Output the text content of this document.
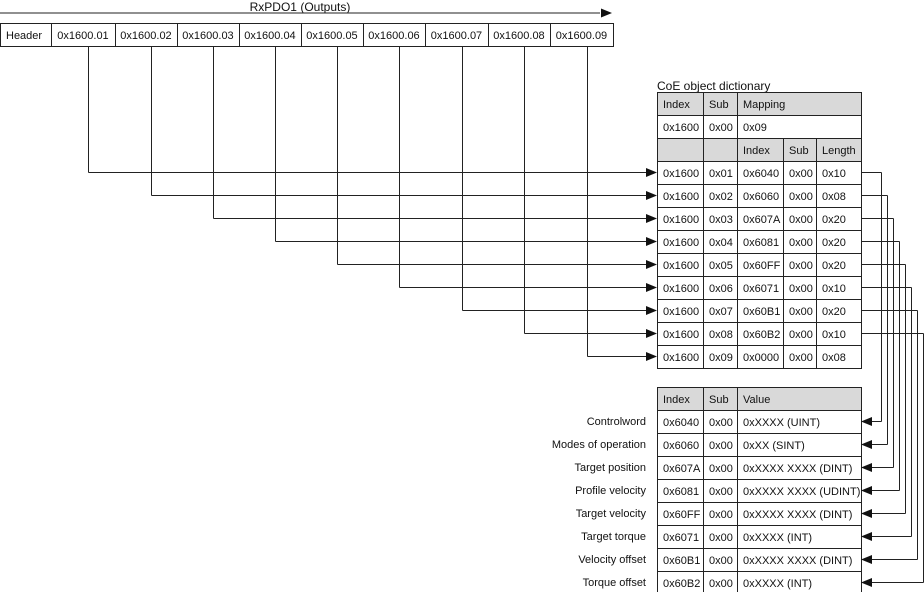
RxPDO1 (Outputs)
Header 0x1600.01 0x1600.02 0x1600.03 0x1600.04 0x1600.05 0x1600.06 0x1600.07 0x1600.08 0x1600.09
CoE object dictionary
Index Sub Mapping
0x1600 0x00 0x09
Index Sub Length
0x1600 0x01 0x6040 0x00 0x10
0x1600 0x02 0x6060 0x00 0x08
0x1600 0x03 0x607A 0x00 0x20
0x1600 0x04 0x6081 0x00 0x20
0x1600 0x05 0x60FF 0x00 0x20
0x1600 0x06 0x6071 0x00 0x10
0x1600 0x07 0x60B1 0x00 0x20
0x1600 0x08 0x60B2 0x00 0x10
0x1600 0x09 0x0000 0x00 0x08
Index Sub Value
0x6040 0x00 0xXXXX (UINT)
Controlword
0x6060 0x00 0xXX (SINT)
Modes of operation
0x607A 0x00 0xXXXX XXXX (DINT)
Target position
0x6081 0x00 0xXXXX XXXX (UDINT)
Profile velocity
0x60FF 0x00 0xXXXX XXXX (DINT)
Target velocity
0x6071 0x00 0xXXXX (INT)
Target torque
0x60B1 0x00 0xXXXX XXXX (DINT)
Velocity offset
0x60B2 0x00 0xXXXX (INT)
Torque offset
